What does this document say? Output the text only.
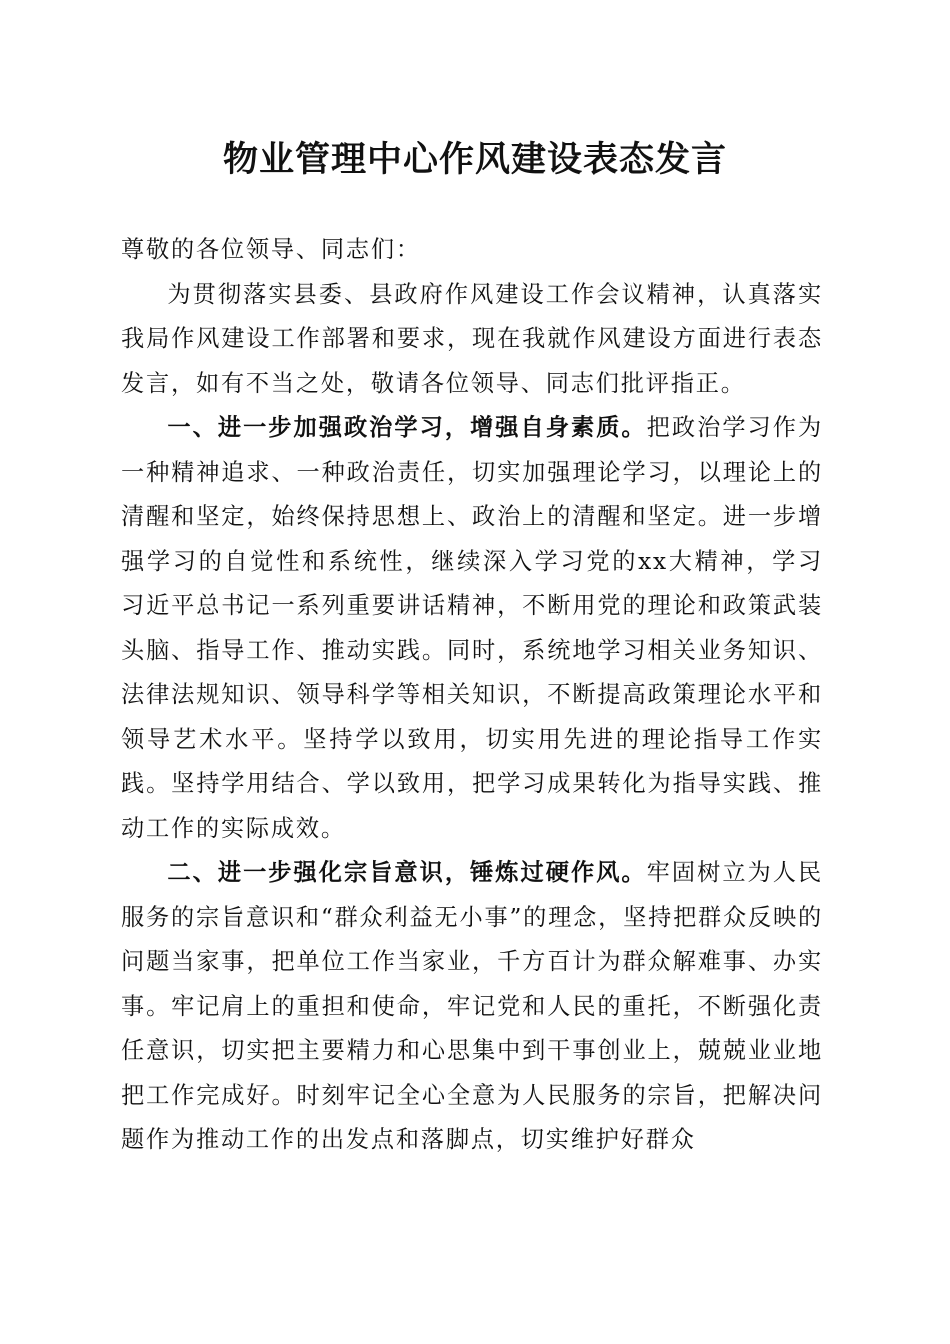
物业管理中心作风建设表态发言

尊敬的各位领导、同志们：

为贯彻落实县委、县政府作风建设工作会议精神，认真落实我局作风建设工作部署和要求，现在我就作风建设方面进行表态发言，如有不当之处，敬请各位领导、同志们批评指正。

一、进一步加强政治学习，增强自身素质。把政治学习作为一种精神追求、一种政治责任，切实加强理论学习，以理论上的清醒和坚定，始终保持思想上、政治上的清醒和坚定。进一步增强学习的自觉性和系统性，继续深入学习党的xx大精神，学习习近平总书记一系列重要讲话精神，不断用党的理论和政策武装头脑、指导工作、推动实践。同时，系统地学习相关业务知识、法律法规知识、领导科学等相关知识，不断提高政策理论水平和领导艺术水平。坚持学以致用，切实用先进的理论指导工作实践。坚持学用结合、学以致用，把学习成果转化为指导实践、推动工作的实际成效。

二、进一步强化宗旨意识，锤炼过硬作风。牢固树立为人民服务的宗旨意识和“群众利益无小事”的理念，坚持把群众反映的问题当家事，把单位工作当家业，千方百计为群众解难事、办实事。牢记肩上的重担和使命，牢记党和人民的重托，不断强化责任意识，切实把主要精力和心思集中到干事创业上，兢兢业业地把工作完成好。时刻牢记全心全意为人民服务的宗旨，把解决问题作为推动工作的出发点和落脚点，切实维护好群众
